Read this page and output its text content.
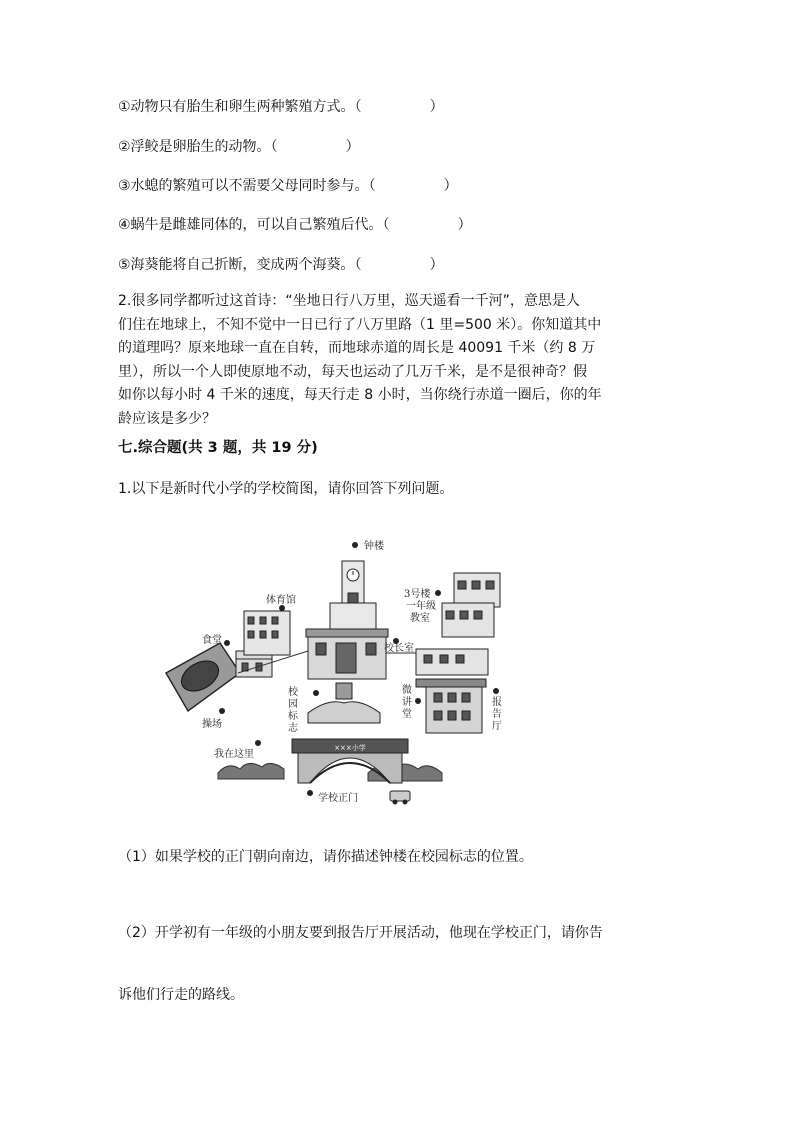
①动物只有胎生和卵生两种繁殖方式。（	）
②浮鲛是卵胎生的动物。（	）
③水螅的繁殖可以不需要父母同时参与。（	）
④蜗牛是雌雄同体的，可以自己繁殖后代。（	）
⑤海葵能将自己折断，变成两个海葵。（	）
2.很多同学都听过这首诗：“坐地日行八万里，巡天遥看一千河”，意思是人
们住在地球上，不知不觉中一日已行了八万里路（1 里=500 米）。你知道其中
的道理吗？原来地球一直在自转，而地球赤道的周长是 40091 千米（约 8 万
里），所以一个人即使原地不动，每天也运动了几万千米，是不是很神奇？假
如你以每小时 4 千米的速度，每天行走 8 小时，当你绕行赤道一圈后，你的年
龄应该是多少？
七.综合题(共 3 题，共 19 分)
1.以下是新时代小学的学校简图，请你回答下列问题。
×××小学
钟楼
体育馆
3号楼
一年级
教室
食堂
校长室
校
园
标
志
微
讲
堂
报
告
厅
操场
我在这里
学校正门
（1）如果学校的正门朝向南边，请你描述钟楼在校园标志的位置。
（2）开学初有一年级的小朋友要到报告厅开展活动，他现在学校正门，请你告
诉他们行走的路线。
